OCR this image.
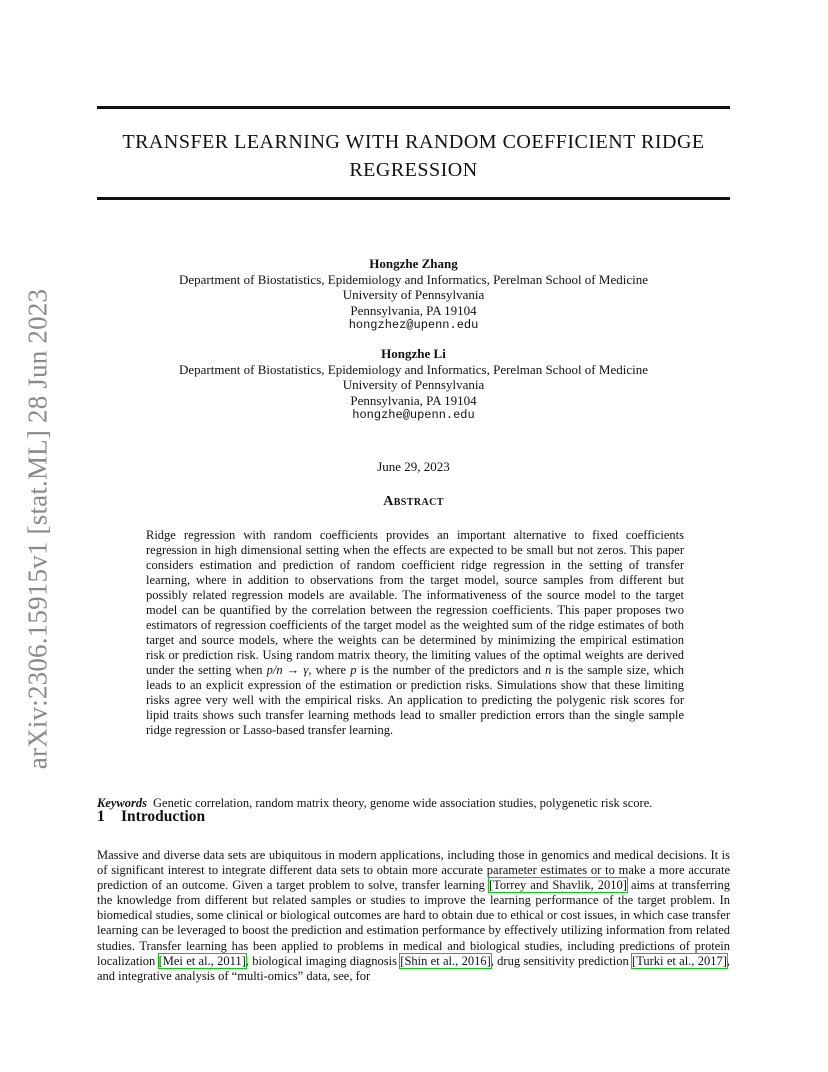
arXiv:2306.15915v1 [stat.ML] 28 Jun 2023
TRANSFER LEARNING WITH RANDOM COEFFICIENT RIDGE
REGRESSION
Hongzhe Zhang
Department of Biostatistics, Epidemiology and Informatics, Perelman School of Medicine
University of Pennsylvania
Pennsylvania, PA 19104
hongzhez@upenn.edu
Hongzhe Li
Department of Biostatistics, Epidemiology and Informatics, Perelman School of Medicine
University of Pennsylvania
Pennsylvania, PA 19104
hongzhe@upenn.edu
June 29, 2023
Abstract

Ridge regression with random coefficients provides an important alternative to fixed coefficients regression in high dimensional setting when the effects are expected to be small but not zeros. This paper considers estimation and prediction of random coefficient ridge regression in the setting of transfer learning, where in addition to observations from the target model, source samples from different but possibly related regression models are available. The informativeness of the source model to the target model can be quantified by the correlation between the regression coefficients. This paper proposes two estimators of regression coefficients of the target model as the weighted sum of the ridge estimates of both target and source models, where the weights can be determined by minimizing the empirical estimation risk or prediction risk. Using random matrix theory, the limiting values of the optimal weights are derived under the setting when p/n → γ, where p is the number of the predictors and n is the sample size, which leads to an explicit expression of the estimation or prediction risks. Simulations show that these limiting risks agree very well with the empirical risks. An application to predicting the polygenic risk scores for lipid traits shows such transfer learning methods lead to smaller prediction errors than the single sample ridge regression or Lasso-based transfer learning.

Keywords Genetic correlation, random matrix theory, genome wide association studies, polygenetic risk score.

1 Introduction

Massive and diverse data sets are ubiquitous in modern applications, including those in genomics and medical decisions. It is of significant interest to integrate different data sets to obtain more accurate parameter estimates or to make a more accurate prediction of an outcome. Given a target problem to solve, transfer learning [Torrey and Shavlik, 2010] aims at transferring the knowledge from different but related samples or studies to improve the learning performance of the target problem. In biomedical studies, some clinical or biological outcomes are hard to obtain due to ethical or cost issues, in which case transfer learning can be leveraged to boost the prediction and estimation performance by effectively utilizing information from related studies. Transfer learning has been applied to problems in medical and biological studies, including predictions of protein localization [Mei et al., 2011], biological imaging diagnosis [Shin et al., 2016], drug sensitivity prediction [Turki et al., 2017], and integrative analysis of “multi-omics” data, see, for
